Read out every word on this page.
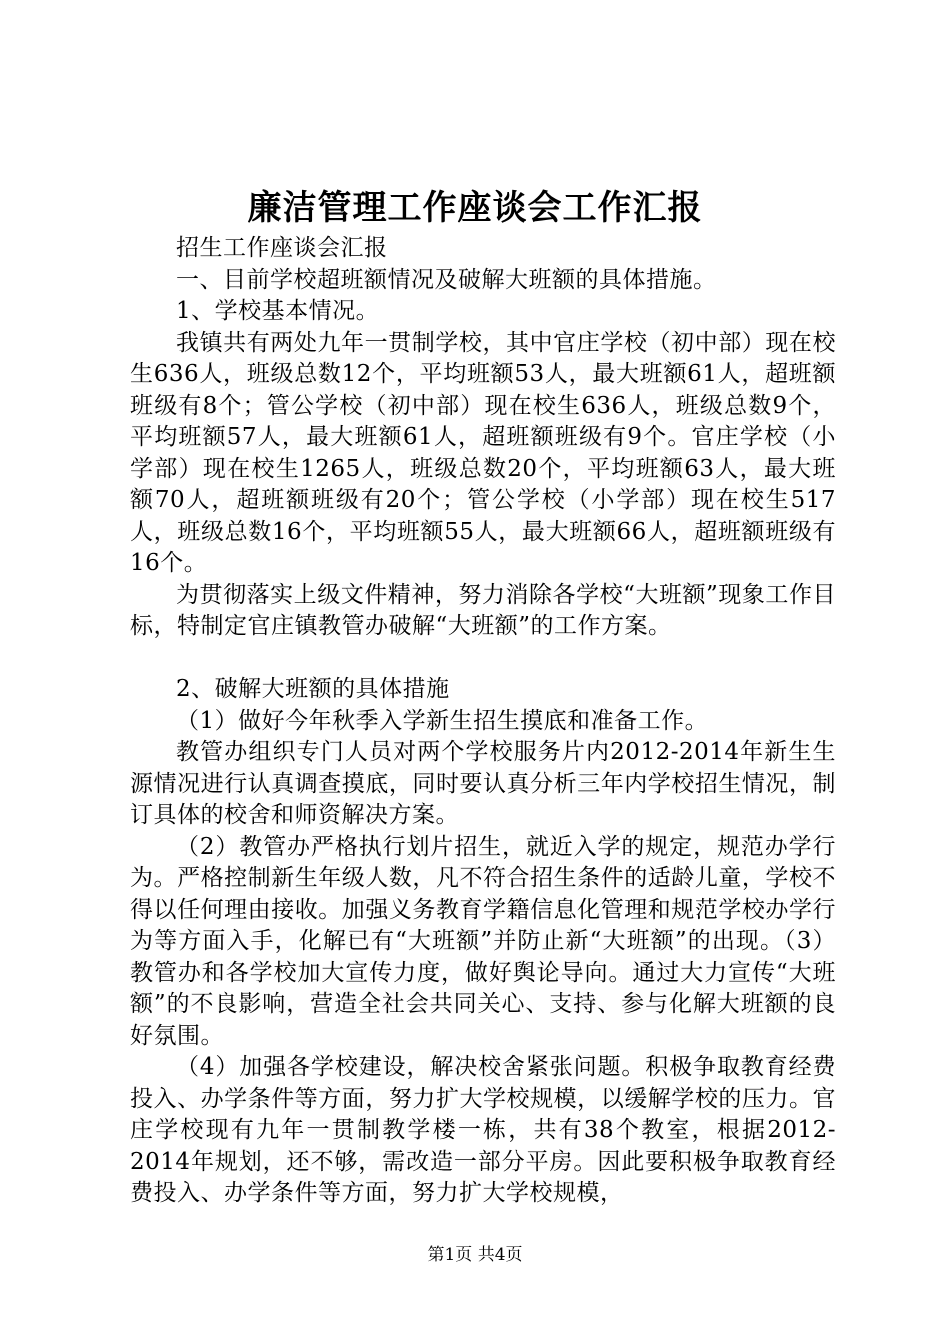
廉洁管理工作座谈会工作汇报

招生工作座谈会汇报

一、目前学校超班额情况及破解大班额的具体措施。

1、学校基本情况。

我镇共有两处九年一贯制学校，其中官庄学校（初中部）现在校生636人，班级总数12个，平均班额53人，最大班额61人，超班额班级有8个；管公学校（初中部）现在校生636人，班级总数9个，平均班额57人，最大班额61人，超班额班级有9个。官庄学校（小学部）现在校生1265人，班级总数20个，平均班额63人，最大班额70人，超班额班级有20个；管公学校（小学部）现在校生517人，班级总数16个，平均班额55人，最大班额66人，超班额班级有16个。

为贯彻落实上级文件精神，努力消除各学校“大班额”现象工作目标，特制定官庄镇教管办破解“大班额”的工作方案。

2、破解大班额的具体措施

（1）做好今年秋季入学新生招生摸底和准备工作。

教管办组织专门人员对两个学校服务片内2012-2014年新生生源情况进行认真调查摸底，同时要认真分析三年内学校招生情况，制订具体的校舍和师资解决方案。

（2）教管办严格执行划片招生，就近入学的规定，规范办学行为。严格控制新生年级人数，凡不符合招生条件的适龄儿童，学校不得以任何理由接收。加强义务教育学籍信息化管理和规范学校办学行为等方面入手，化解已有“大班额”并防止新“大班额”的出现。（3）教管办和各学校加大宣传力度，做好舆论导向。通过大力宣传“大班额”的不良影响，营造全社会共同关心、支持、参与化解大班额的良好氛围。

（4）加强各学校建设，解决校舍紧张问题。积极争取教育经费投入、办学条件等方面，努力扩大学校规模，以缓解学校的压力。官庄学校现有九年一贯制教学楼一栋，共有38个教室，根据2012-2014年规划，还不够，需改造一部分平房。因此要积极争取教育经费投入、办学条件等方面，努力扩大学校规模，

第1页 共4页
